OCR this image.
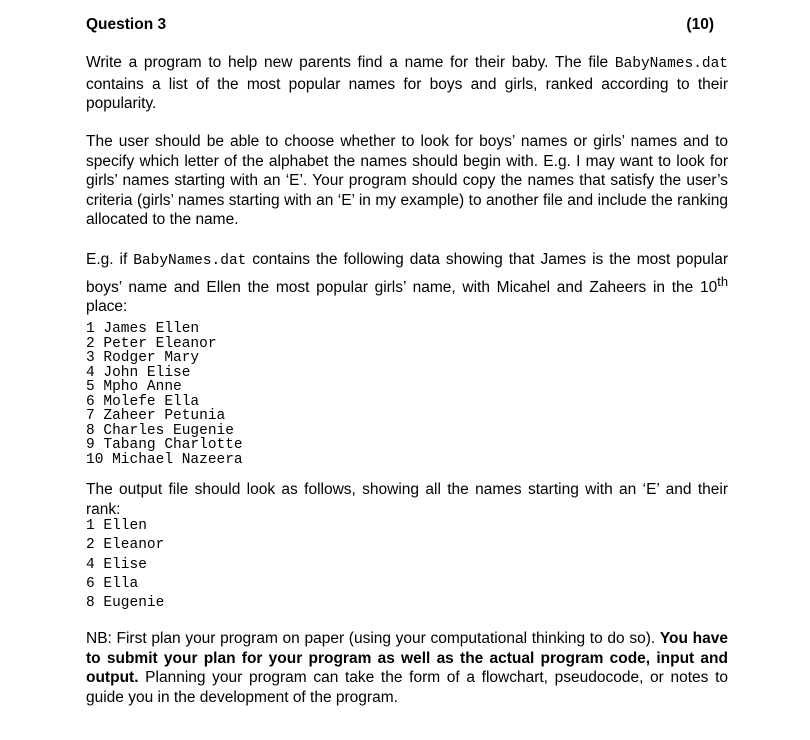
Question 3	(10)
Write a program to help new parents find a name for their baby. The file BabyNames.dat contains a list of the most popular names for boys and girls, ranked according to their popularity.
The user should be able to choose whether to look for boys’ names or girls’ names and to specify which letter of the alphabet the names should begin with. E.g. I may want to look for girls’ names starting with an ‘E’. Your program should copy the names that satisfy the user’s criteria (girls’ names starting with an ‘E’ in my example) to another file and include the ranking allocated to the name.
E.g. if BabyNames.dat contains the following data showing that James is the most popular boys’ name and Ellen the most popular girls’ name, with Micahel and Zaheers in the 10th place:
1 James Ellen
2 Peter Eleanor
3 Rodger Mary
4 John Elise
5 Mpho Anne
6 Molefe Ella
7 Zaheer Petunia
8 Charles Eugenie
9 Tabang Charlotte
10 Michael Nazeera
The output file should look as follows, showing all the names starting with an ‘E’ and their rank:
1 Ellen
2 Eleanor
4 Elise
6 Ella
8 Eugenie
NB: First plan your program on paper (using your computational thinking to do so). You have to submit your plan for your program as well as the actual program code, input and output. Planning your program can take the form of a flowchart, pseudocode, or notes to guide you in the development of the program.
